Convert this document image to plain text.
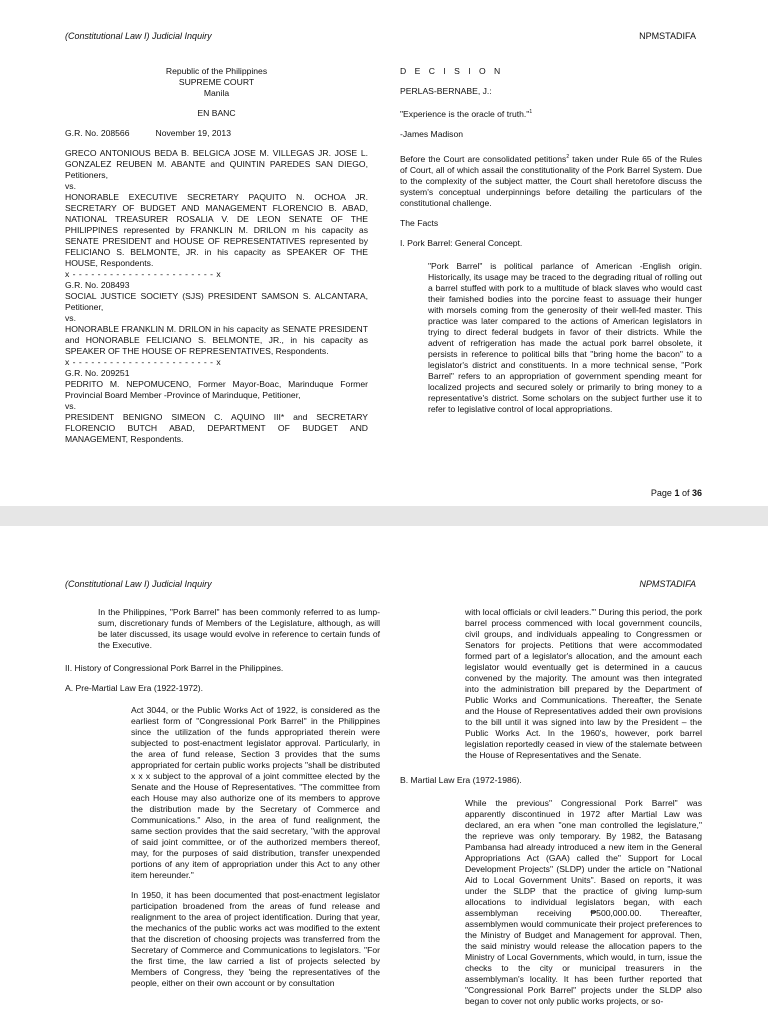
(Constitutional Law I) Judicial Inquiry	NPMSTADIFA
Republic of the Philippines
SUPREME COURT
Manila
EN BANC

G.R. No. 208566	November 19, 2013

GRECO ANTONIOUS BEDA B. BELGICA JOSE M. VILLEGAS JR. JOSE L. GONZALEZ REUBEN M. ABANTE and QUINTIN PAREDES SAN DIEGO, Petitioners,
vs.
HONORABLE EXECUTIVE SECRETARY PAQUITO N. OCHOA JR. SECRETARY OF BUDGET AND MANAGEMENT FLORENCIO B. ABAD, NATIONAL TREASURER ROSALIA V. DE LEON SENATE OF THE PHILIPPINES represented by FRANKLIN M. DRILON m his capacity as SENATE PRESIDENT and HOUSE OF REPRESENTATIVES represented by FELICIANO S. BELMONTE, JR. in his capacity as SPEAKER OF THE HOUSE, Respondents.
x - - - - - - - - - - - - - - - - - - - - - - - x
G.R. No. 208493
SOCIAL JUSTICE SOCIETY (SJS) PRESIDENT SAMSON S. ALCANTARA, Petitioner,
vs.
HONORABLE FRANKLIN M. DRILON in his capacity as SENATE PRESIDENT and HONORABLE FELICIANO S. BELMONTE, JR., in his capacity as SPEAKER OF THE HOUSE OF REPRESENTATIVES, Respondents.
x - - - - - - - - - - - - - - - - - - - - - - - x
G.R. No. 209251
PEDRITO M. NEPOMUCENO, Former Mayor-Boac, Marinduque Former Provincial Board Member -Province of Marinduque, Petitioner,
vs.
PRESIDENT BENIGNO SIMEON C. AQUINO III* and SECRETARY FLORENCIO BUTCH ABAD, DEPARTMENT OF BUDGET AND MANAGEMENT, Respondents.

D E C I S I O N

PERLAS-BERNABE, J.:

"Experience is the oracle of truth."$^1$

-James Madison

Before the Court are consolidated petitions$^2$ taken under Rule 65 of the Rules of Court, all of which assail the constitutionality of the Pork Barrel System. Due to the complexity of the subject matter, the Court shall heretofore discuss the system's conceptual underpinnings before detailing the particulars of the constitutional challenge.

The Facts

I. Pork Barrel: General Concept.

"Pork Barrel" is political parlance of American -English origin. Historically, its usage may be traced to the degrading ritual of rolling out a barrel stuffed with pork to a multitude of black slaves who would cast their famished bodies into the porcine feast to assuage their hunger with morsels coming from the generosity of their well-fed master. This practice was later compared to the actions of American legislators in trying to direct federal budgets in favor of their districts. While the advent of refrigeration has made the actual pork barrel obsolete, it persists in reference to political bills that "bring home the bacon" to a legislator's district and constituents. In a more technical sense, "Pork Barrel" refers to an appropriation of government spending meant for localized projects and secured solely or primarily to bring money to a representative's district. Some scholars on the subject further use it to refer to legislative control of local appropriations.
Page 1 of 36
(Constitutional Law I) Judicial Inquiry	NPMSTADIFA

In the Philippines, "Pork Barrel" has been commonly referred to as lump-sum, discretionary funds of Members of the Legislature, although, as will be later discussed, its usage would evolve in reference to certain funds of the Executive.

II. History of Congressional Pork Barrel in the Philippines.

A. Pre-Martial Law Era (1922-1972).

Act 3044, or the Public Works Act of 1922, is considered as the earliest form of "Congressional Pork Barrel" in the Philippines since the utilization of the funds appropriated therein were subjected to post-enactment legislator approval. Particularly, in the area of fund release, Section 3 provides that the sums appropriated for certain public works projects "shall be distributed x x x subject to the approval of a joint committee elected by the Senate and the House of Representatives. "The committee from each House may also authorize one of its members to approve the distribution made by the Secretary of Commerce and Communications." Also, in the area of fund realignment, the same section provides that the said secretary, "with the approval of said joint committee, or of the authorized members thereof, may, for the purposes of said distribution, transfer unexpended portions of any item of appropriation under this Act to any other item hereunder."

In 1950, it has been documented that post-enactment legislator participation broadened from the areas of fund release and realignment to the area of project identification. During that year, the mechanics of the public works act was modified to the extent that the discretion of choosing projects was transferred from the Secretary of Commerce and Communications to legislators. "For the first time, the law carried a list of projects selected by Members of Congress, they 'being the representatives of the people, either on their own account or by consultation

with local officials or civil leaders.'" During this period, the pork barrel process commenced with local government councils, civil groups, and individuals appealing to Congressmen or Senators for projects. Petitions that were accommodated formed part of a legislator's allocation, and the amount each legislator would eventually get is determined in a caucus convened by the majority. The amount was then integrated into the administration bill prepared by the Department of Public Works and Communications. Thereafter, the Senate and the House of Representatives added their own provisions to the bill until it was signed into law by the President – the Public Works Act. In the 1960's, however, pork barrel legislation reportedly ceased in view of the stalemate between the House of Representatives and the Senate.

B. Martial Law Era (1972-1986).

While the previous" Congressional Pork Barrel" was apparently discontinued in 1972 after Martial Law was declared, an era when "one man controlled the legislature," the reprieve was only temporary. By 1982, the Batasang Pambansa had already introduced a new item in the General Appropriations Act (GAA) called the" Support for Local Development Projects" (SLDP) under the article on "National Aid to Local Government Units". Based on reports, it was under the SLDP that the practice of giving lump-sum allocations to individual legislators began, with each assemblyman receiving ₱500,000.00. Thereafter, assemblymen would communicate their project preferences to the Ministry of Budget and Management for approval. Then, the said ministry would release the allocation papers to the Ministry of Local Governments, which would, in turn, issue the checks to the city or municipal treasurers in the assemblyman's locality. It has been further reported that "Congressional Pork Barrel" projects under the SLDP also began to cover not only public works projects, or so-
